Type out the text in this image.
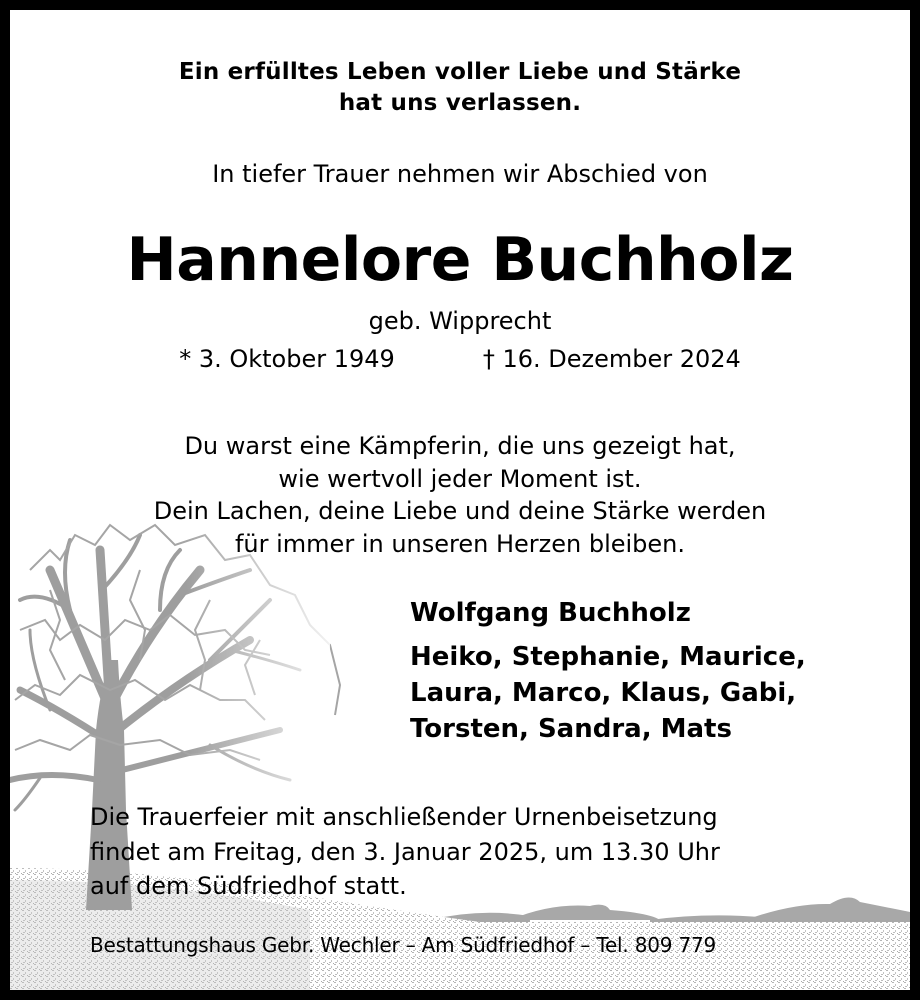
Ein erfülltes Leben voller Liebe und Stärke
hat uns verlassen.
In tiefer Trauer nehmen wir Abschied von
Hannelore Buchholz
geb. Wipprecht
* 3. Oktober 1949	† 16. Dezember 2024
Du warst eine Kämpferin, die uns gezeigt hat,
wie wertvoll jeder Moment ist.
Dein Lachen, deine Liebe und deine Stärke werden
für immer in unseren Herzen bleiben.
Wolfgang Buchholz
Heiko, Stephanie, Maurice,
Laura, Marco, Klaus, Gabi,
Torsten, Sandra, Mats
Die Trauerfeier mit anschließender Urnenbeisetzung
findet am Freitag, den 3. Januar 2025, um 13.30 Uhr
auf dem Südfriedhof statt.
Bestattungshaus Gebr. Wechler – Am Südfriedhof – Tel. 809 779
